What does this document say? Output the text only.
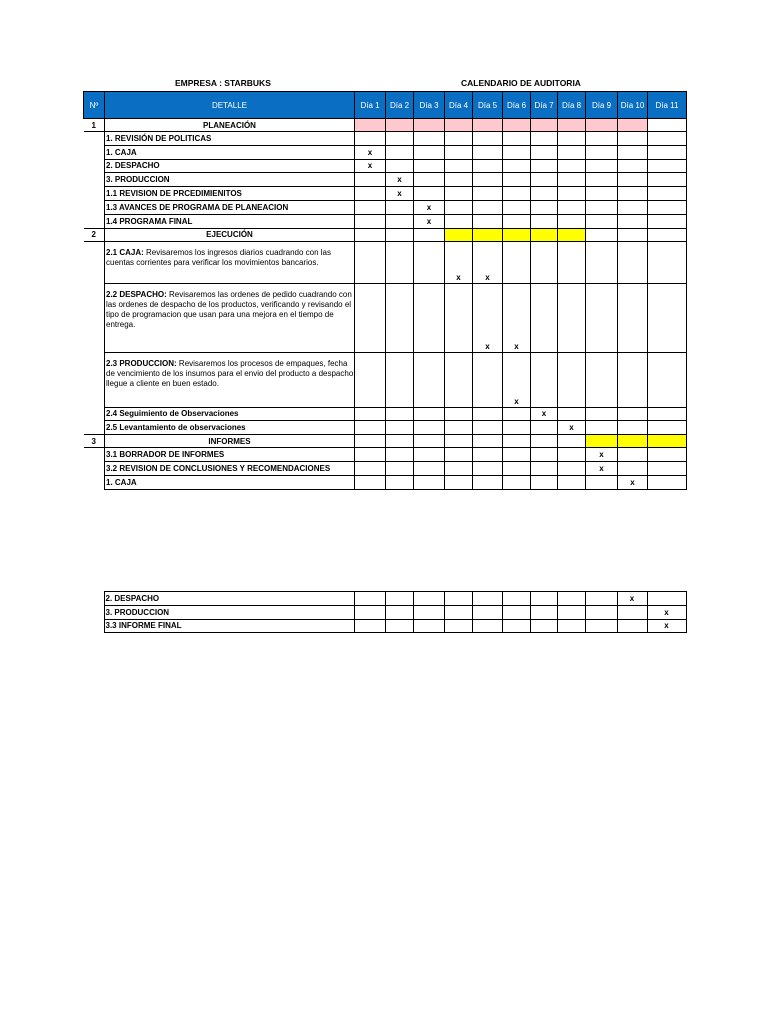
EMPRESA : STARBUKS	CALENDARIO DE AUDITORIA
Nº	DETALLE	Día 1	Día 2	Día 3	Día 4	Día 5	Día 6	Día 7	Día 8	Día 9	Día 10	Día 11
1	PLANEACIÓN											
	1. REVISIÓN DE POLITICAS											
	1. CAJA	x										
	2. DESPACHO	x										
	3. PRODUCCION		x									
	1.1 REVISION DE PRCEDIMIENITOS		x									
	1.3 AVANCES DE PROGRAMA DE PLANEACION			x								
	1.4 PROGRAMA FINAL			x								
2	EJECUCIÓN											
	2.1 CAJA: Revisaremos los ingresos diarios cuadrando con las cuentas corrientes para verificar los movimientos bancarios.				x	x						
	2.2 DESPACHO: Revisaremos las ordenes de pedido cuadrando con las ordenes de despacho de los productos, verificando y revisando el tipo de programacion que usan para una mejora en el tiempo de entrega.					x	x					
	2.3 PRODUCCION: Revisaremos los procesos de empaques, fecha de vencimiento de los insumos para el envio del producto a despacho llegue a cliente en buen estado.						x					
	2.4 Seguimiento de Observaciones							x				
	2.5 Levantamiento de observaciones								x			
3	INFORMES											
	3.1 BORRADOR DE INFORMES									x		
	3.2 REVISION DE CONCLUSIONES Y RECOMENDACIONES									x		
	1. CAJA										x	
	2. DESPACHO										x	
	3. PRODUCCION											x
	3.3 INFORME FINAL											x
